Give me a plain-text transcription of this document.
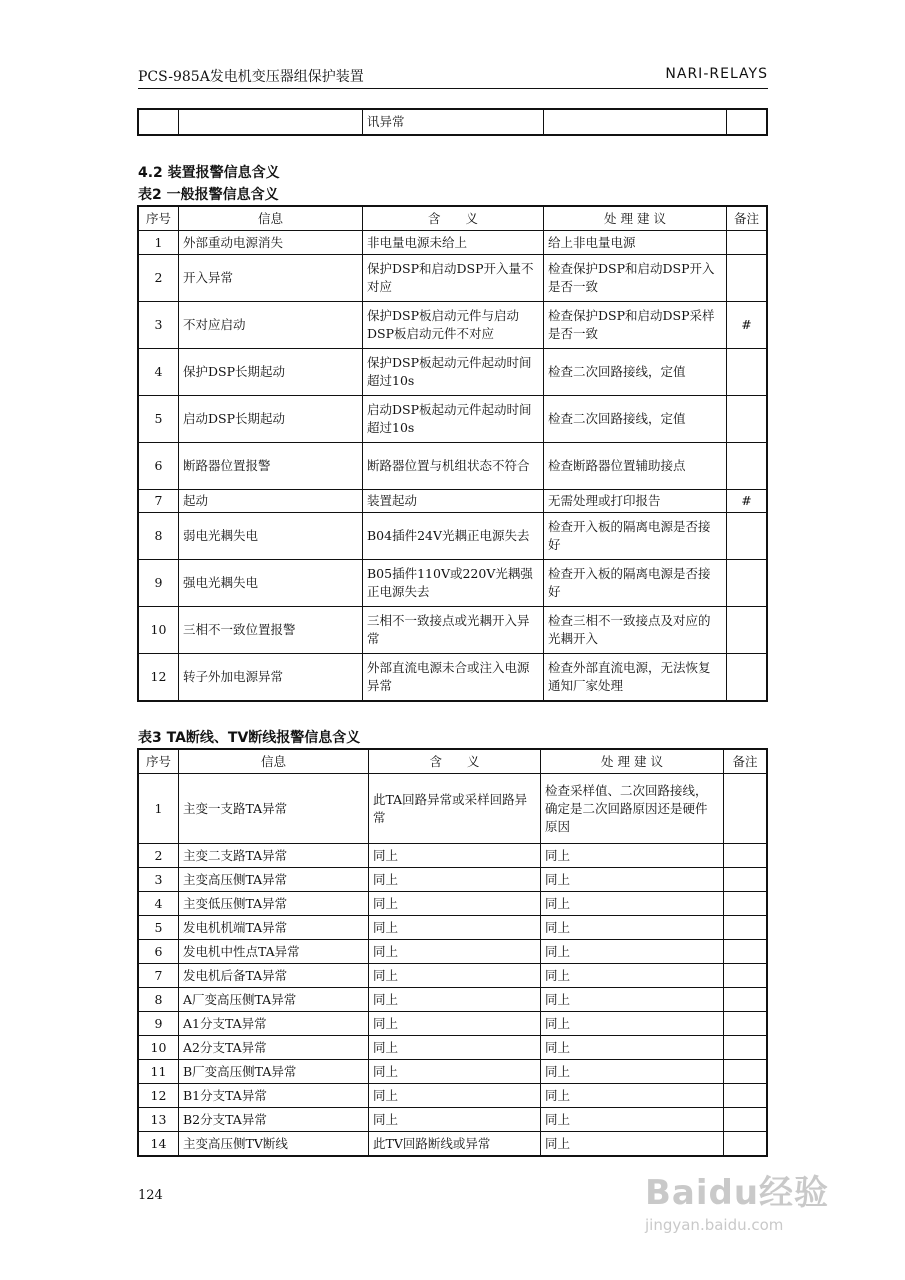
PCS-985A发电机变压器组保护装置	NARI-RELAYS
		讯异常		
4.2 装置报警信息含义
表2 一般报警信息含义
序号	信息	含　　义	处 理 建 议	备注
1	外部重动电源消失	非电量电源未给上	给上非电量电源	
2	开入异常	保护DSP和启动DSP开入量不对应	检查保护DSP和启动DSP开入是否一致	
3	不对应启动	保护DSP板启动元件与启动DSP板启动元件不对应	检查保护DSP和启动DSP采样是否一致	#
4	保护DSP长期起动	保护DSP板起动元件起动时间超过10s	检查二次回路接线，定值	
5	启动DSP长期起动	启动DSP板起动元件起动时间超过10s	检查二次回路接线，定值	
6	断路器位置报警	断路器位置与机组状态不符合	检查断路器位置辅助接点	
7	起动	装置起动	无需处理或打印报告	#
8	弱电光耦失电	B04插件24V光耦正电源失去	检查开入板的隔离电源是否接好	
9	强电光耦失电	B05插件110V或220V光耦强正电源失去	检查开入板的隔离电源是否接好	
10	三相不一致位置报警	三相不一致接点或光耦开入异常	检查三相不一致接点及对应的光耦开入	
12	转子外加电源异常	外部直流电源未合或注入电源异常	检查外部直流电源，无法恢复通知厂家处理	
表3 TA断线、TV断线报警信息含义
序号	信息	含　　义	处 理 建 议	备注
1	主变一支路TA异常	此TA回路异常或采样回路异常	检查采样值、二次回路接线，确定是二次回路原因还是硬件原因	
2	主变二支路TA异常	同上	同上	
3	主变高压侧TA异常	同上	同上	
4	主变低压侧TA异常	同上	同上	
5	发电机机端TA异常	同上	同上	
6	发电机中性点TA异常	同上	同上	
7	发电机后备TA异常	同上	同上	
8	A厂变高压侧TA异常	同上	同上	
9	A1分支TA异常	同上	同上	
10	A2分支TA异常	同上	同上	
11	B厂变高压侧TA异常	同上	同上	
12	B1分支TA异常	同上	同上	
13	B2分支TA异常	同上	同上	
14	主变高压侧TV断线	此TV回路断线或异常	同上	
124	Baidu经验
jingyan.baidu.com
